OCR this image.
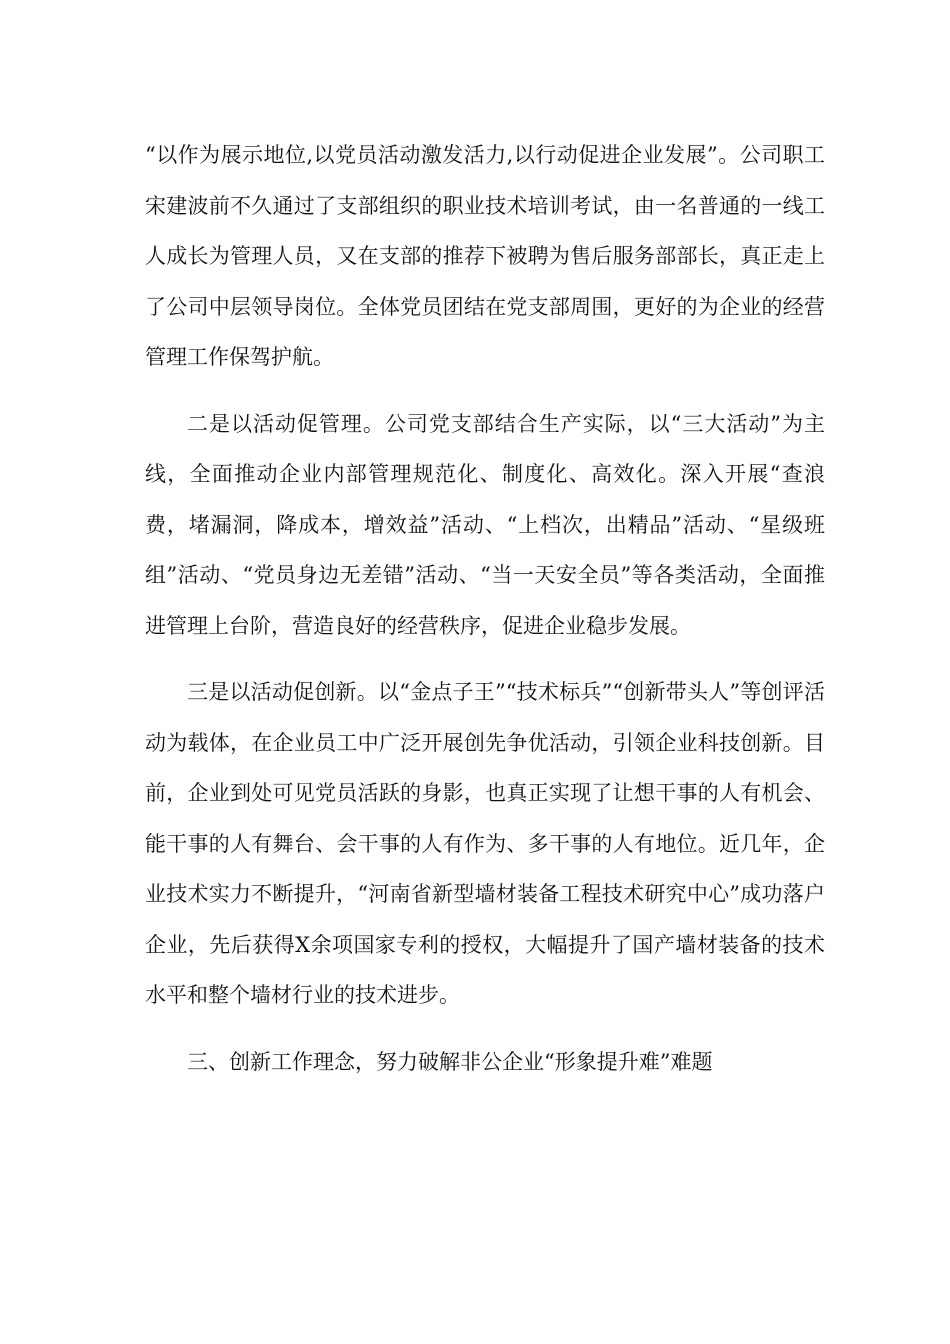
“以作为展示地位,以党员活动激发活力,以行动促进企业发展”。公司职工宋建波前不久通过了支部组织的职业技术培训考试，由一名普通的一线工人成长为管理人员，又在支部的推荐下被聘为售后服务部部长，真正走上了公司中层领导岗位。全体党员团结在党支部周围，更好的为企业的经营管理工作保驾护航。

二是以活动促管理。公司党支部结合生产实际，以“三大活动”为主线，全面推动企业内部管理规范化、制度化、高效化。深入开展“查浪费，堵漏洞，降成本，增效益”活动、“上档次，出精品”活动、“星级班组”活动、“党员身边无差错”活动、“当一天安全员”等各类活动，全面推进管理上台阶，营造良好的经营秩序，促进企业稳步发展。

三是以活动促创新。以“金点子王”“技术标兵”“创新带头人”等创评活动为载体，在企业员工中广泛开展创先争优活动，引领企业科技创新。目前，企业到处可见党员活跃的身影，也真正实现了让想干事的人有机会、能干事的人有舞台、会干事的人有作为、多干事的人有地位。近几年，企业技术实力不断提升，“河南省新型墙材装备工程技术研究中心”成功落户企业，先后获得X余项国家专利的授权，大幅提升了国产墙材装备的技术水平和整个墙材行业的技术进步。

三、创新工作理念，努力破解非公企业“形象提升难”难题
